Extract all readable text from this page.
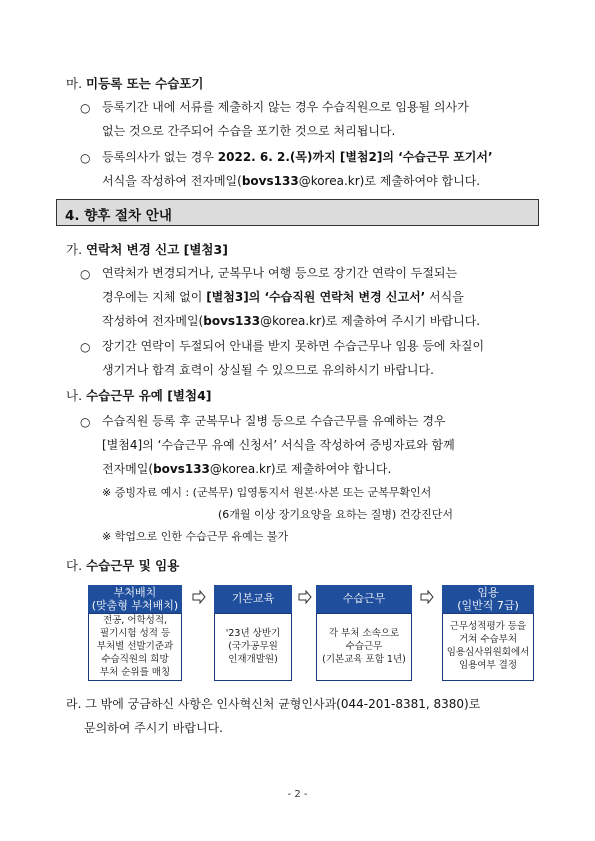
마. 미등록 또는 수습포기
○ 등록기간 내에 서류를 제출하지 않는 경우 수습직원으로 임용될 의사가
없는 것으로 간주되어 수습을 포기한 것으로 처리됩니다.
○ 등록의사가 없는 경우 2022. 6. 2.(목)까지 [별첨2]의 ‘수습근무 포기서’
서식을 작성하여 전자메일(bovs133@korea.kr)로 제출하여야 합니다.
4. 향후 절차 안내
가. 연락처 변경 신고 [별첨3]
○ 연락처가 변경되거나, 군복무나 여행 등으로 장기간 연락이 두절되는
경우에는 지체 없이 [별첨3]의 ‘수습직원 연락처 변경 신고서’ 서식을
작성하여 전자메일(bovs133@korea.kr)로 제출하여 주시기 바랍니다.
○ 장기간 연락이 두절되어 안내를 받지 못하면 수습근무나 임용 등에 차질이
생기거나 합격 효력이 상실될 수 있으므로 유의하시기 바랍니다.
나. 수습근무 유예 [별첨4]
○ 수습직원 등록 후 군복무나 질병 등으로 수습근무를 유예하는 경우
[별첨4]의 ‘수습근무 유예 신청서’ 서식을 작성하여 증빙자료와 함께
전자메일(bovs133@korea.kr)로 제출하여야 합니다.
※ 증빙자료 예시 : (군복무) 입영통지서 원본·사본 또는 군복무확인서
(6개월 이상 장기요양을 요하는 질병) 건강진단서
※ 학업으로 인한 수습근무 유예는 불가
다. 수습근무 및 임용
부처배치
(맞춤형 부처배치)
전공, 어학성적,
필기시험 성적 등
부처별 선발기준과
수습직원의 희망
부처 순위를 매칭
기본교육
'23년 상반기
(국가공무원
인재개발원)
수습근무
각 부처 소속으로
수습근무
(기본교육 포함 1년)
임용
(일반직 7급)
근무성적평가 등을
거쳐 수습부처
임용심사위원회에서
임용여부 결정
라. 그 밖에 궁금하신 사항은 인사혁신처 균형인사과(044-201-8381, 8380)로
문의하여 주시기 바랍니다.
- 2 -
